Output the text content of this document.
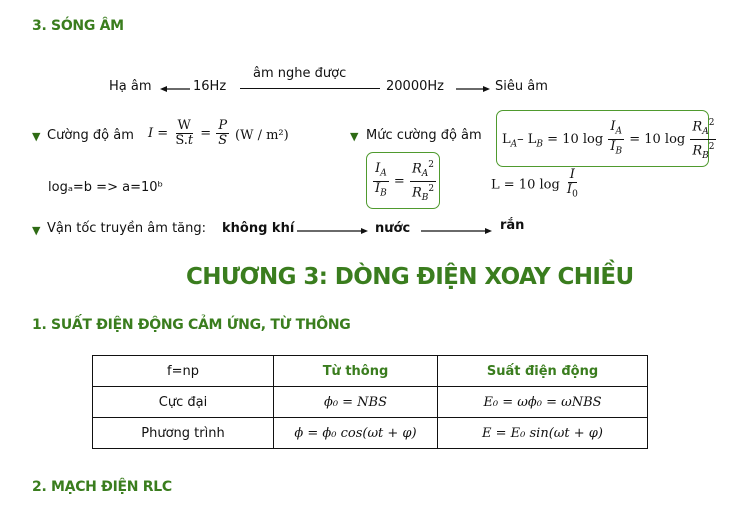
3. SÓNG ÂM
Hạ âm	16Hz
âm nghe được
20000Hz	Siêu âm
▼ Cường độ âm $I = \frac{W}{S.t} = \frac{P}{S} (W / m^2)$	▼ Mức cường độ âm $L_A-$ $L_B = 10$ $\log \frac{I_A}{I_B} = 10$ $\log \frac{R_A^2}{R_B^2}$
$\frac{I_A}{I_B} = \frac{R_A^2}{R_B^2}$	L = 10 $\log \frac{I}{I_0}$
logₐ=b => a=10ᵇ
▼ Vận tốc truyền âm tăng: không khí	nước	rắn
CHƯƠNG 3: DÒNG ĐIỆN XOAY CHIỀU
1. SUẤT ĐIỆN ĐỘNG CẢM ỨNG, TỪ THÔNG
f=np	Từ thông	Suất điện động
Cực đại	ϕ₀ = NBS	E₀ = ωϕ₀ = ωNBS
Phương trình	ϕ = ϕ₀ cos(ωt + φ)	E = E₀ sin(ωt + φ)
2. MẠCH ĐIỆN RLC
